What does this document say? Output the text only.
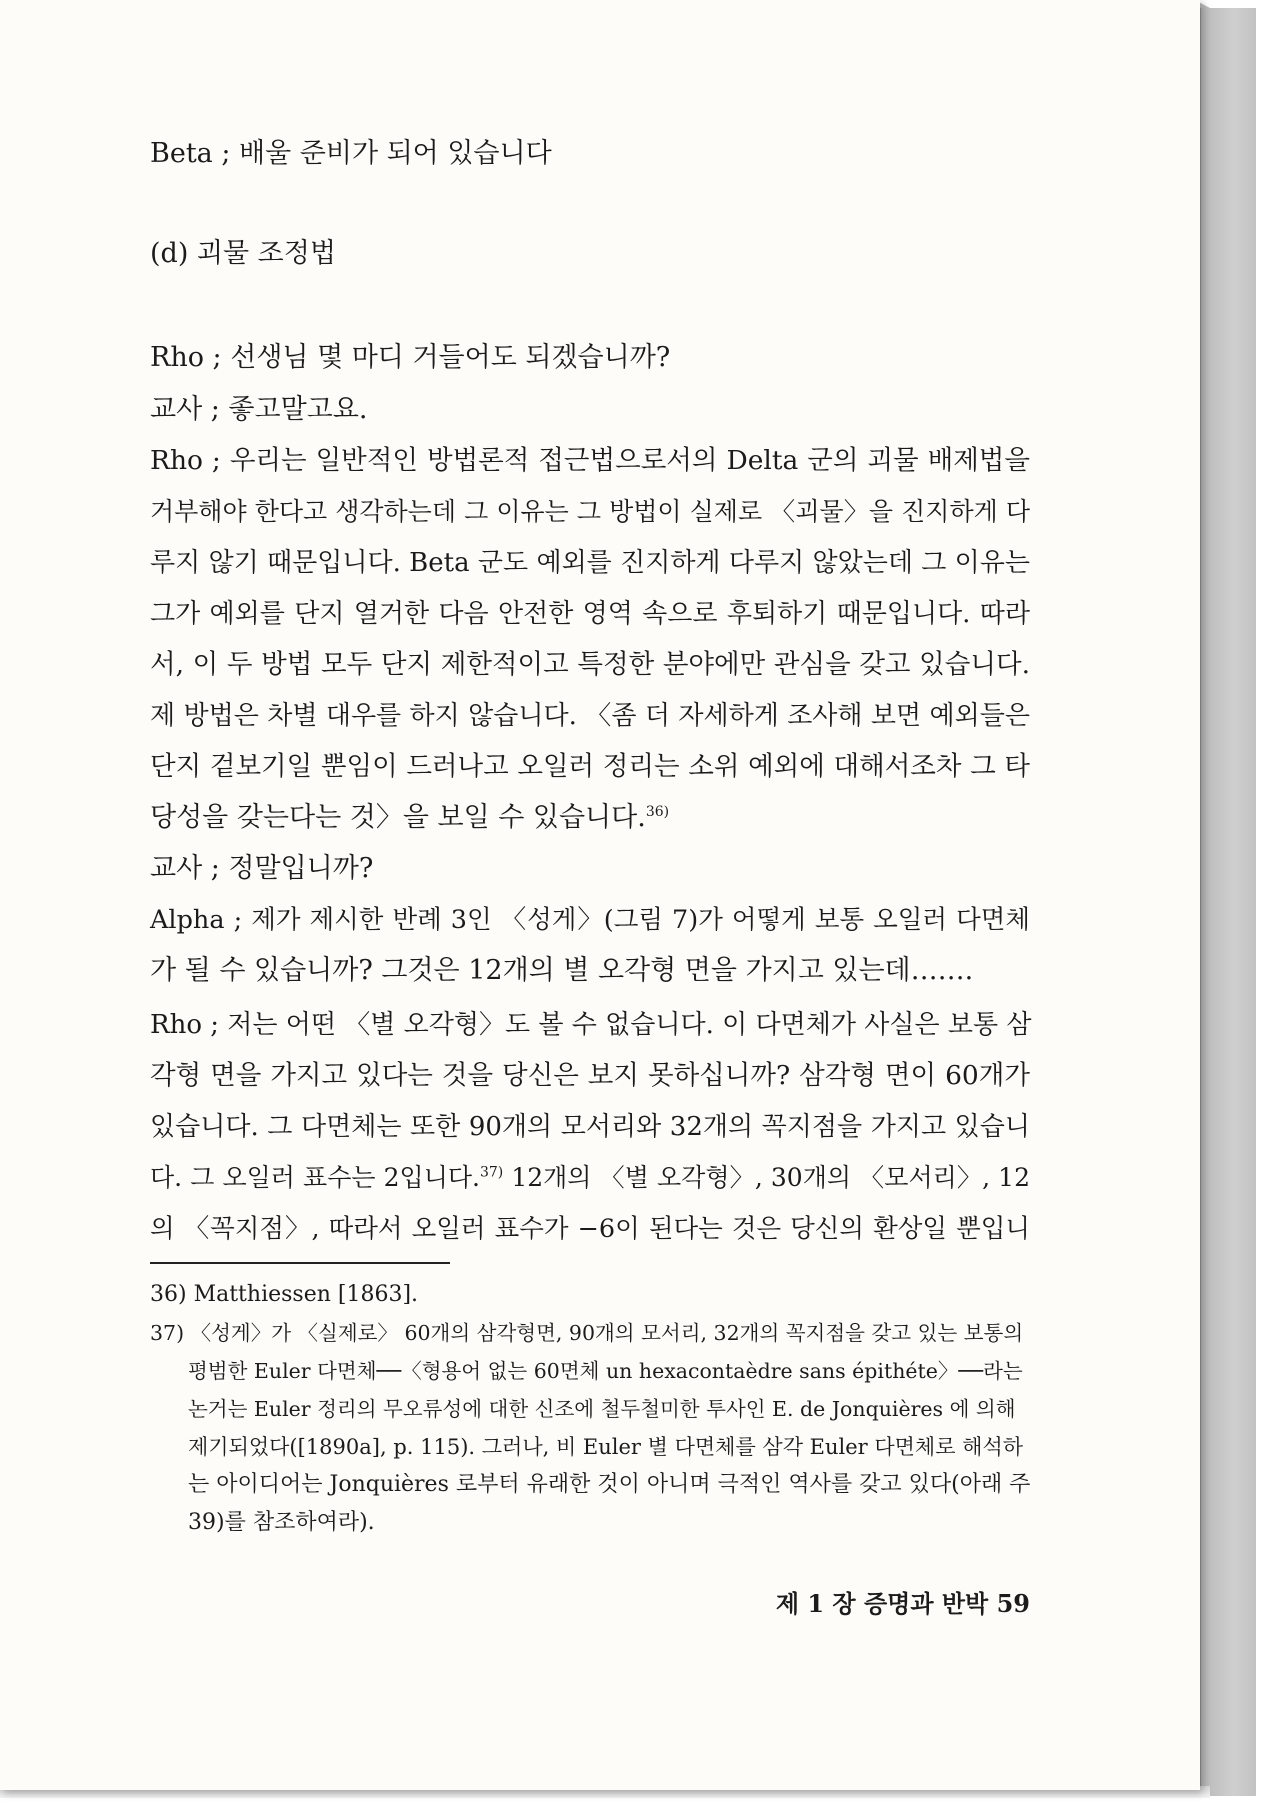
Beta ; 배울 준비가 되어 있습니다
(d) 괴물 조정법
Rho ; 선생님 몇 마디 거들어도 되겠습니까?
교사 ; 좋고말고요.
Rho ; 우리는 일반적인 방법론적 접근법으로서의 Delta 군의 괴물 배제법을
거부해야 한다고 생각하는데 그 이유는 그 방법이 실제로 〈괴물〉을 진지하게 다
루지 않기 때문입니다. Beta 군도 예외를 진지하게 다루지 않았는데 그 이유는
그가 예외를 단지 열거한 다음 안전한 영역 속으로 후퇴하기 때문입니다. 따라
서, 이 두 방법 모두 단지 제한적이고 특정한 분야에만 관심을 갖고 있습니다.
제 방법은 차별 대우를 하지 않습니다. 〈좀 더 자세하게 조사해 보면 예외들은
단지 겉보기일 뿐임이 드러나고 오일러 정리는 소위 예외에 대해서조차 그 타
당성을 갖는다는 것〉을 보일 수 있습니다.$^{36)}$
교사 ; 정말입니까?
Alpha ; 제가 제시한 반례 3인 〈성게〉(그림 7)가 어떻게 보통 오일러 다면체
가 될 수 있습니까? 그것은 12개의 별 오각형 면을 가지고 있는데…….
Rho ; 저는 어떤 〈별 오각형〉도 볼 수 없습니다. 이 다면체가 사실은 보통 삼
각형 면을 가지고 있다는 것을 당신은 보지 못하십니까? 삼각형 면이 60개가
있습니다. 그 다면체는 또한 90개의 모서리와 32개의 꼭지점을 가지고 있습니
다. 그 오일러 표수는 2입니다.$^{37)}$ 12개의 〈별 오각형〉, 30개의 〈모서리〉, 12
의 〈꼭지점〉, 따라서 오일러 표수가 −6이 된다는 것은 당신의 환상일 뿐입니
36) Matthiessen [1863].
37) 〈성게〉가 〈실제로〉 60개의 삼각형면, 90개의 모서리, 32개의 꼭지점을 갖고 있는 보통의
평범한 Euler 다면체──〈형용어 없는 60면체 un hexacontaèdre sans épithéte〉──라는
논거는 Euler 정리의 무오류성에 대한 신조에 철두철미한 투사인 E. de Jonquières 에 의해
제기되었다([1890a], p. 115). 그러나, 비 Euler 별 다면체를 삼각 Euler 다면체로 해석하
는 아이디어는 Jonquières 로부터 유래한 것이 아니며 극적인 역사를 갖고 있다(아래 주
39)를 참조하여라).
제 1 장 증명과 반박 59
